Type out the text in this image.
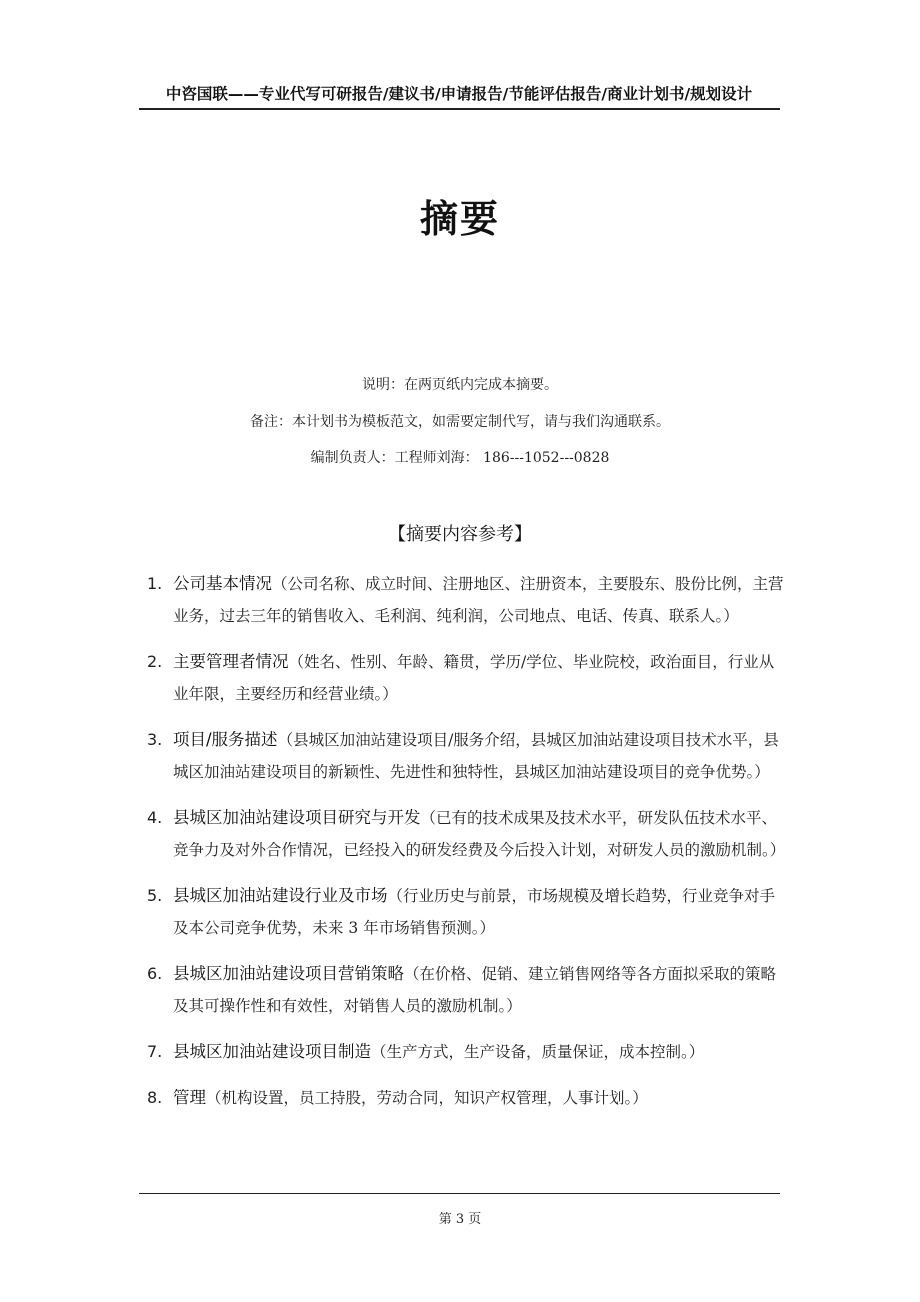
中咨国联——专业代写可研报告/建议书/申请报告/节能评估报告/商业计划书/规划设计
摘要
说明：在两页纸内完成本摘要。
备注：本计划书为模板范文，如需要定制代写，请与我们沟通联系。
编制负责人：工程师刘海： 186---1052---0828
【摘要内容参考】
1. 公司基本情况（公司名称、成立时间、注册地区、注册资本，主要股东、股份比例，主营业务，过去三年的销售收入、毛利润、纯利润，公司地点、电话、传真、联系人。）
2. 主要管理者情况（姓名、性别、年龄、籍贯，学历/学位、毕业院校，政治面目，行业从业年限，主要经历和经营业绩。）
3. 项目/服务描述（县城区加油站建设项目/服务介绍，县城区加油站建设项目技术水平，县城区加油站建设项目的新颖性、先进性和独特性，县城区加油站建设项目的竞争优势。）
4. 县城区加油站建设项目研究与开发（已有的技术成果及技术水平，研发队伍技术水平、竞争力及对外合作情况，已经投入的研发经费及今后投入计划，对研发人员的激励机制。）
5. 县城区加油站建设行业及市场（行业历史与前景，市场规模及增长趋势，行业竞争对手及本公司竞争优势，未来 3 年市场销售预测。）
6. 县城区加油站建设项目营销策略（在价格、促销、建立销售网络等各方面拟采取的策略及其可操作性和有效性，对销售人员的激励机制。）
7. 县城区加油站建设项目制造（生产方式，生产设备，质量保证，成本控制。）
8. 管理（机构设置，员工持股，劳动合同，知识产权管理，人事计划。）
第 3 页
